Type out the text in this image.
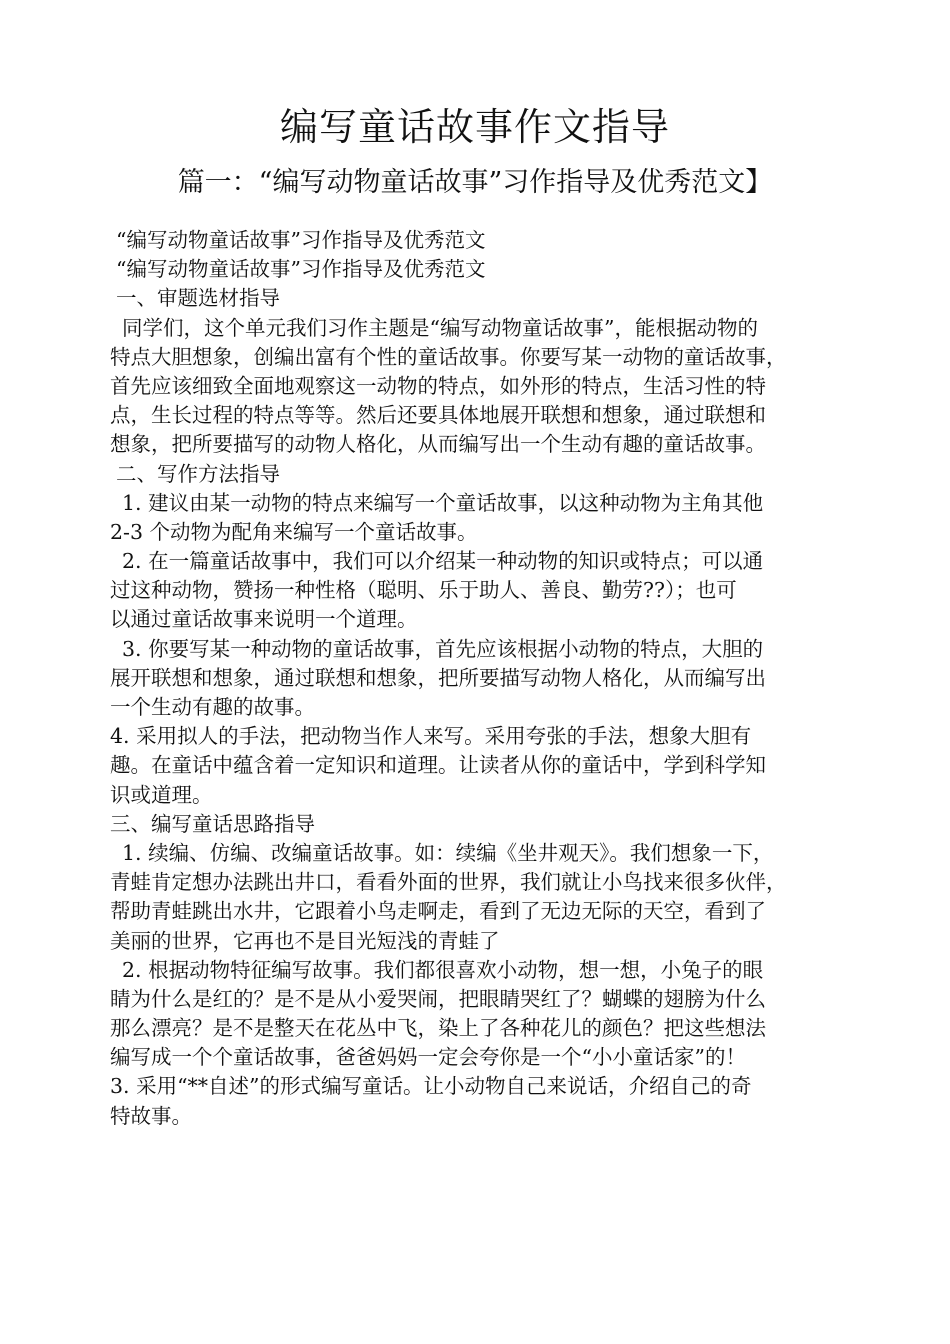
编写童话故事作文指导
篇一：“编写动物童话故事”习作指导及优秀范文】
“编写动物童话故事”习作指导及优秀范文
“编写动物童话故事”习作指导及优秀范文
一、审题选材指导
同学们，这个单元我们习作主题是“编写动物童话故事”，能根据动物的
特点大胆想象，创编出富有个性的童话故事。你要写某一动物的童话故事，
首先应该细致全面地观察这一动物的特点，如外形的特点，生活习性的特
点，生长过程的特点等等。然后还要具体地展开联想和想象，通过联想和
想象，把所要描写的动物人格化，从而编写出一个生动有趣的童话故事。
二、写作方法指导
1. 建议由某一动物的特点来编写一个童话故事，以这种动物为主角其他
2-3 个动物为配角来编写一个童话故事。
2. 在一篇童话故事中，我们可以介绍某一种动物的知识或特点；可以通
过这种动物，赞扬一种性格（聪明、乐于助人、善良、勤劳??）；也可
以通过童话故事来说明一个道理。
3. 你要写某一种动物的童话故事，首先应该根据小动物的特点，大胆的
展开联想和想象，通过联想和想象，把所要描写动物人格化，从而编写出
一个生动有趣的故事。
4. 采用拟人的手法，把动物当作人来写。采用夸张的手法，想象大胆有
趣。在童话中蕴含着一定知识和道理。让读者从你的童话中，学到科学知
识或道理。
三、编写童话思路指导
1. 续编、仿编、改编童话故事。如：续编《坐井观天》。我们想象一下，
青蛙肯定想办法跳出井口，看看外面的世界，我们就让小鸟找来很多伙伴，
帮助青蛙跳出水井，它跟着小鸟走啊走，看到了无边无际的天空，看到了
美丽的世界，它再也不是目光短浅的青蛙了
2. 根据动物特征编写故事。我们都很喜欢小动物，想一想，小兔子的眼
睛为什么是红的？是不是从小爱哭闹，把眼睛哭红了？蝴蝶的翅膀为什么
那么漂亮？是不是整天在花丛中飞，染上了各种花儿的颜色？把这些想法
编写成一个个童话故事，爸爸妈妈一定会夸你是一个“小小童话家”的！
3. 采用“**自述”的形式编写童话。让小动物自己来说话，介绍自己的奇
特故事。
